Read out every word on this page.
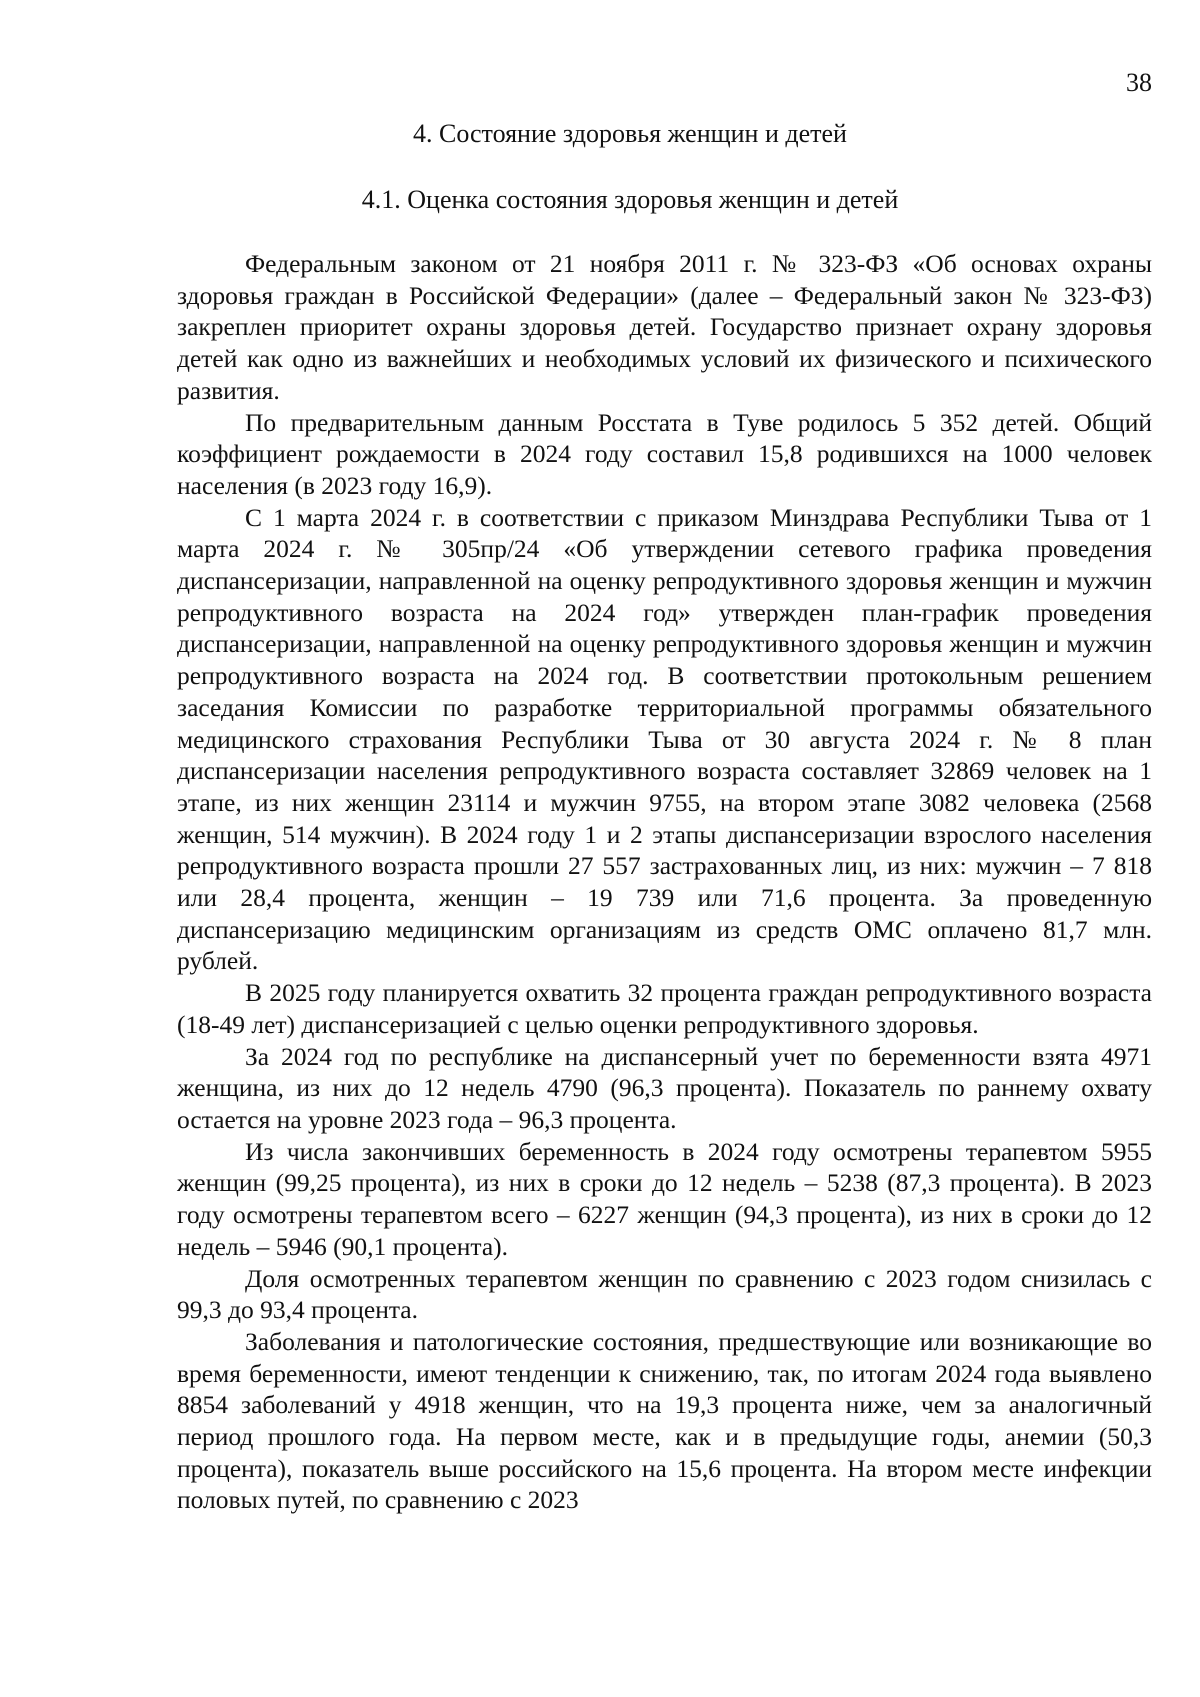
38
4. Состояние здоровья женщин и детей
4.1. Оценка состояния здоровья женщин и детей

Федеральным законом от 21 ноября 2011 г. № 323-ФЗ «Об основах охраны здоровья граждан в Российской Федерации» (далее – Федеральный закон № 323-ФЗ) закреплен приоритет охраны здоровья детей. Государство признает охрану здоровья детей как одно из важнейших и необходимых условий их физического и психического развития.

По предварительным данным Росстата в Туве родилось 5 352 детей. Общий коэффициент рождаемости в 2024 году составил 15,8 родившихся на 1000 человек населения (в 2023 году 16,9).

С 1 марта 2024 г. в соответствии с приказом Минздрава Республики Тыва от 1 марта 2024 г. № 305пр/24 «Об утверждении сетевого графика проведения диспансеризации, направленной на оценку репродуктивного здоровья женщин и мужчин репродуктивного возраста на 2024 год» утвержден план-график проведения диспансеризации, направленной на оценку репродуктивного здоровья женщин и мужчин репродуктивного возраста на 2024 год. В соответствии протокольным решением заседания Комиссии по разработке территориальной программы обязательного медицинского страхования Республики Тыва от 30 августа 2024 г. № 8 план диспансеризации населения репродуктивного возраста составляет 32869 человек на 1 этапе, из них женщин 23114 и мужчин 9755, на втором этапе 3082 человека (2568 женщин, 514 мужчин). В 2024 году 1 и 2 этапы диспансеризации взрослого населения репродуктивного возраста прошли 27 557 застрахованных лиц, из них: мужчин – 7 818 или 28,4 процента, женщин – 19 739 или 71,6 процента. За проведенную диспансеризацию медицинским организациям из средств ОМС оплачено 81,7 млн. рублей.

В 2025 году планируется охватить 32 процента граждан репродуктивного возраста (18-49 лет) диспансеризацией с целью оценки репродуктивного здоровья.

За 2024 год по республике на диспансерный учет по беременности взята 4971 женщина, из них до 12 недель 4790 (96,3 процента). Показатель по раннему охвату остается на уровне 2023 года – 96,3 процента.

Из числа закончивших беременность в 2024 году осмотрены терапевтом 5955 женщин (99,25 процента), из них в сроки до 12 недель – 5238 (87,3 процента). В 2023 году осмотрены терапевтом всего – 6227 женщин (94,3 процента), из них в сроки до 12 недель – 5946 (90,1 процента).

Доля осмотренных терапевтом женщин по сравнению с 2023 годом снизилась с 99,3 до 93,4 процента.

Заболевания и патологические состояния, предшествующие или возникающие во время беременности, имеют тенденции к снижению, так, по итогам 2024 года выявлено 8854 заболеваний у 4918 женщин, что на 19,3 процента ниже, чем за аналогичный период прошлого года. На первом месте, как и в предыдущие годы, анемии (50,3 процента), показатель выше российского на 15,6 процента. На втором месте инфекции половых путей, по сравнению с 2023
